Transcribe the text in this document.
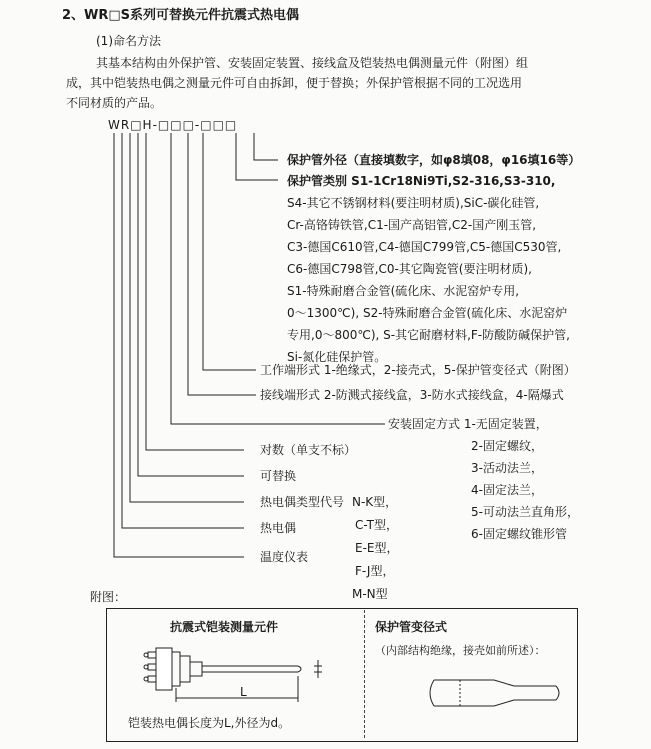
2、WR□S系列可替换元件抗震式热电偶
(1)命名方法
其基本结构由外保护管、安装固定装置、接线盒及铠装热电偶测量元件（附图）组
成，其中铠装热电偶之测量元件可自由拆卸，便于替换；外保护管根据不同的工况选用
不同材质的产品。
WR□H-□□□-□□□
保护管外径（直接填数字，如φ8填08，φ16填16等）
保护管类别 S1-1Cr18Ni9Ti,S2-316,S3-310,
S4-其它不锈钢材料(要注明材质),SiC-碳化硅管,
Cr-高铬铸铁管,C1-国产高铝管,C2-国产刚玉管,
C3-德国C610管,C4-德国C799管,C5-德国C530管,
C6-德国C798管,C0-其它陶瓷管(要注明材质),
S1-特殊耐磨合金管(硫化床、水泥窑炉专用,
0～1300℃), S2-特殊耐磨合金管(硫化床、水泥窑炉
专用,0～800℃), S-其它耐磨材料,F-防酸防碱保护管,
Si-氮化硅保护管。
工作端形式 1-绝缘式，2-接壳式，5-保护管变径式（附图）
接线端形式 2-防溅式接线盒，3-防水式接线盒，4-隔爆式
安装固定方式 1-无固定装置，
2-固定螺纹，
3-活动法兰，
4-固定法兰，
5-可动法兰直角形，
6-固定螺纹锥形管
对数（单支不标）
可替换
热电偶类型代号
热电偶
温度仪表
N-K型，
C-T型，
E-E型，
F-J型，
M-N型
附图：
抗震式铠装测量元件	保护管变径式
（内部结构绝缘，接壳如前所述）：
L
铠装热电偶长度为L,外径为d。
